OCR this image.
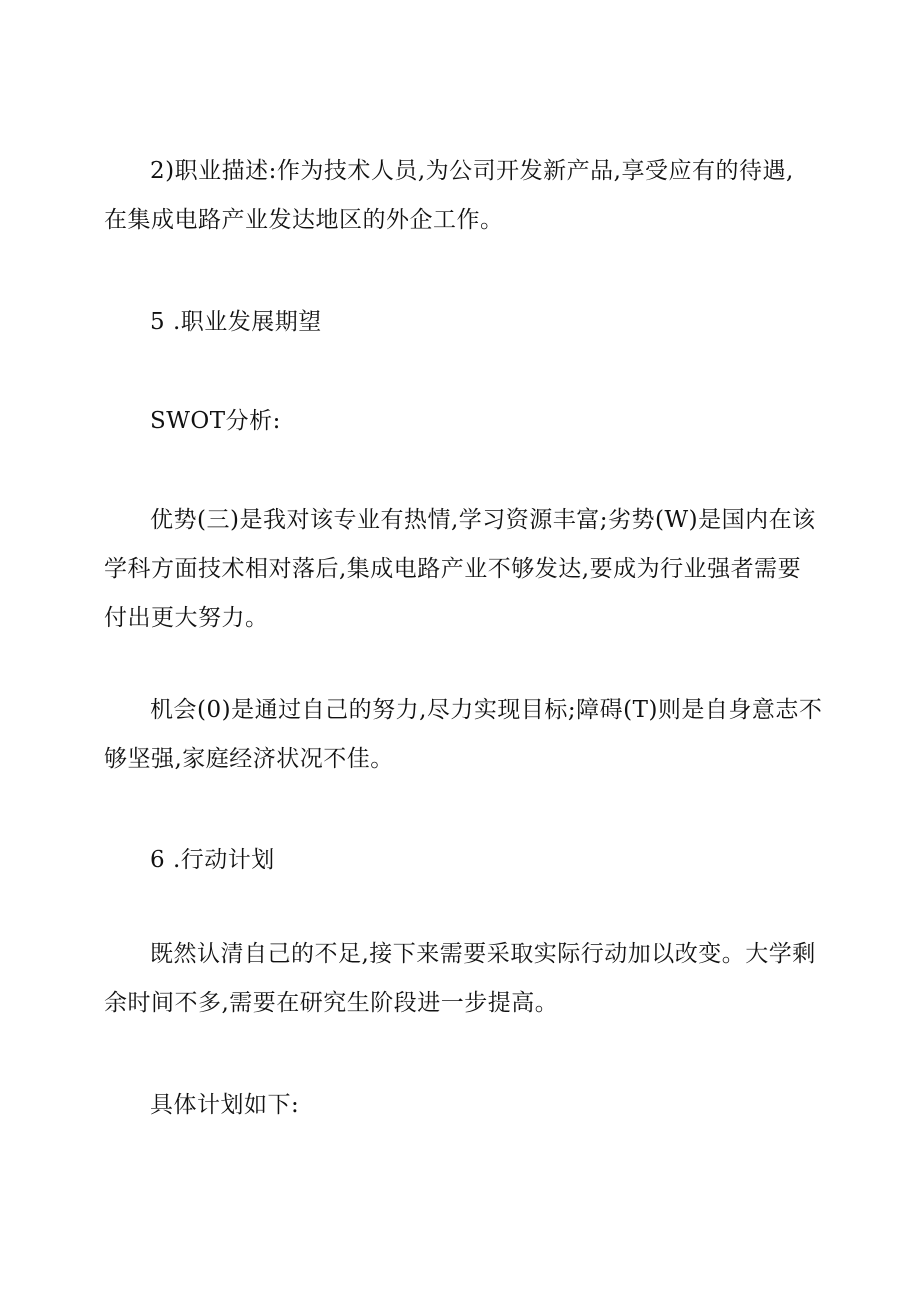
2)职业描述:作为技术人员,为公司开发新产品,享受应有的待遇,
在集成电路产业发达地区的外企工作。

5 .职业发展期望

SWOT分析:

优势(三)是我对该专业有热情,学习资源丰富;劣势(W)是国内在该
学科方面技术相对落后,集成电路产业不够发达,要成为行业强者需要
付出更大努力。

机会(0)是通过自己的努力,尽力实现目标;障碍(T)则是自身意志不
够坚强,家庭经济状况不佳。

6 .行动计划

既然认清自己的不足,接下来需要采取实际行动加以改变。大学剩
余时间不多,需要在研究生阶段进一步提高。

具体计划如下:
